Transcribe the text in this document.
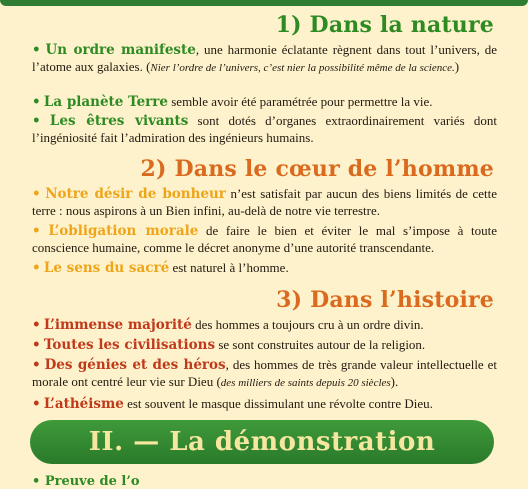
1) Dans la nature

• Un ordre manifeste, une harmonie éclatante règnent dans tout l’univers, de l’atome aux galaxies. (Nier l’ordre de l’univers, c’est nier la possibilité même de la science.)

• La planète Terre semble avoir été paramétrée pour permettre la vie.

• Les êtres vivants sont dotés d’organes extraordinairement variés dont l’ingéniosité fait l’admiration des ingénieurs humains.

2) Dans le cœur de l’homme

• Notre désir de bonheur n’est satisfait par aucun des biens limités de cette terre : nous aspirons à un Bien infini, au-delà de notre vie terrestre.

• L’obligation morale de faire le bien et éviter le mal s’impose à toute conscience humaine, comme le décret anonyme d’une autorité transcendante.

• Le sens du sacré est naturel à l’homme.

3) Dans l’histoire

• L’immense majorité des hommes a toujours cru à un ordre divin.

• Toutes les civilisations se sont construites autour de la religion.

• Des génies et des héros, des hommes de très grande valeur intellectuelle et morale ont centré leur vie sur Dieu (des milliers de saints depuis 20 siècles).

• L’athéisme est souvent le masque dissimulant une révolte contre Dieu.

II. — La démonstration

• Preuve de l’o
